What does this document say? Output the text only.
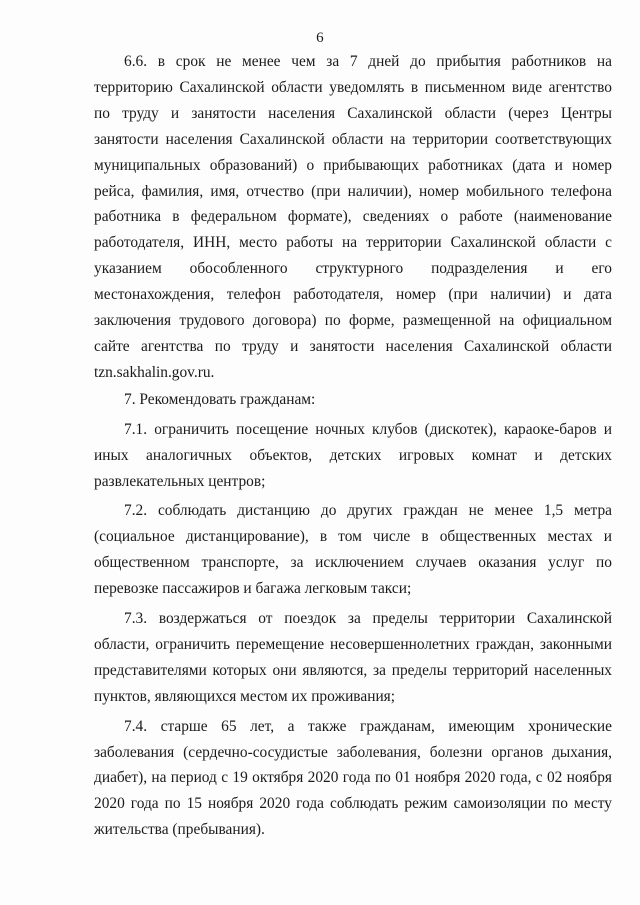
6

6.6. в срок не менее чем за 7 дней до прибытия работников на территорию Сахалинской области уведомлять в письменном виде агентство по труду и занятости населения Сахалинской области (через Центры занятости населения Сахалинской области на территории соответствующих муниципальных образований) о прибывающих работниках (дата и номер рейса, фамилия, имя, отчество (при наличии), номер мобильного телефона работника в федеральном формате), сведениях о работе (наименование работодателя, ИНН, место работы на территории Сахалинской области с указанием обособленного структурного подразделения и его местонахождения, телефон работодателя, номер (при наличии) и дата заключения трудового договора) по форме, размещенной на официальном сайте агентства по труду и занятости населения Сахалинской области tzn.sakhalin.gov.ru.

7. Рекомендовать гражданам:

7.1. ограничить посещение ночных клубов (дискотек), караоке-баров и иных аналогичных объектов, детских игровых комнат и детских развлекательных центров;

7.2. соблюдать дистанцию до других граждан не менее 1,5 метра (социальное дистанцирование), в том числе в общественных местах и общественном транспорте, за исключением случаев оказания услуг по перевозке пассажиров и багажа легковым такси;

7.3. воздержаться от поездок за пределы территории Сахалинской области, ограничить перемещение несовершеннолетних граждан, законными представителями которых они являются, за пределы территорий населенных пунктов, являющихся местом их проживания;

7.4. старше 65 лет, а также гражданам, имеющим хронические заболевания (сердечно-сосудистые заболевания, болезни органов дыхания, диабет), на период с 19 октября 2020 года по 01 ноября 2020 года, с 02 ноября 2020 года по 15 ноября 2020 года соблюдать режим самоизоляции по месту жительства (пребывания).
